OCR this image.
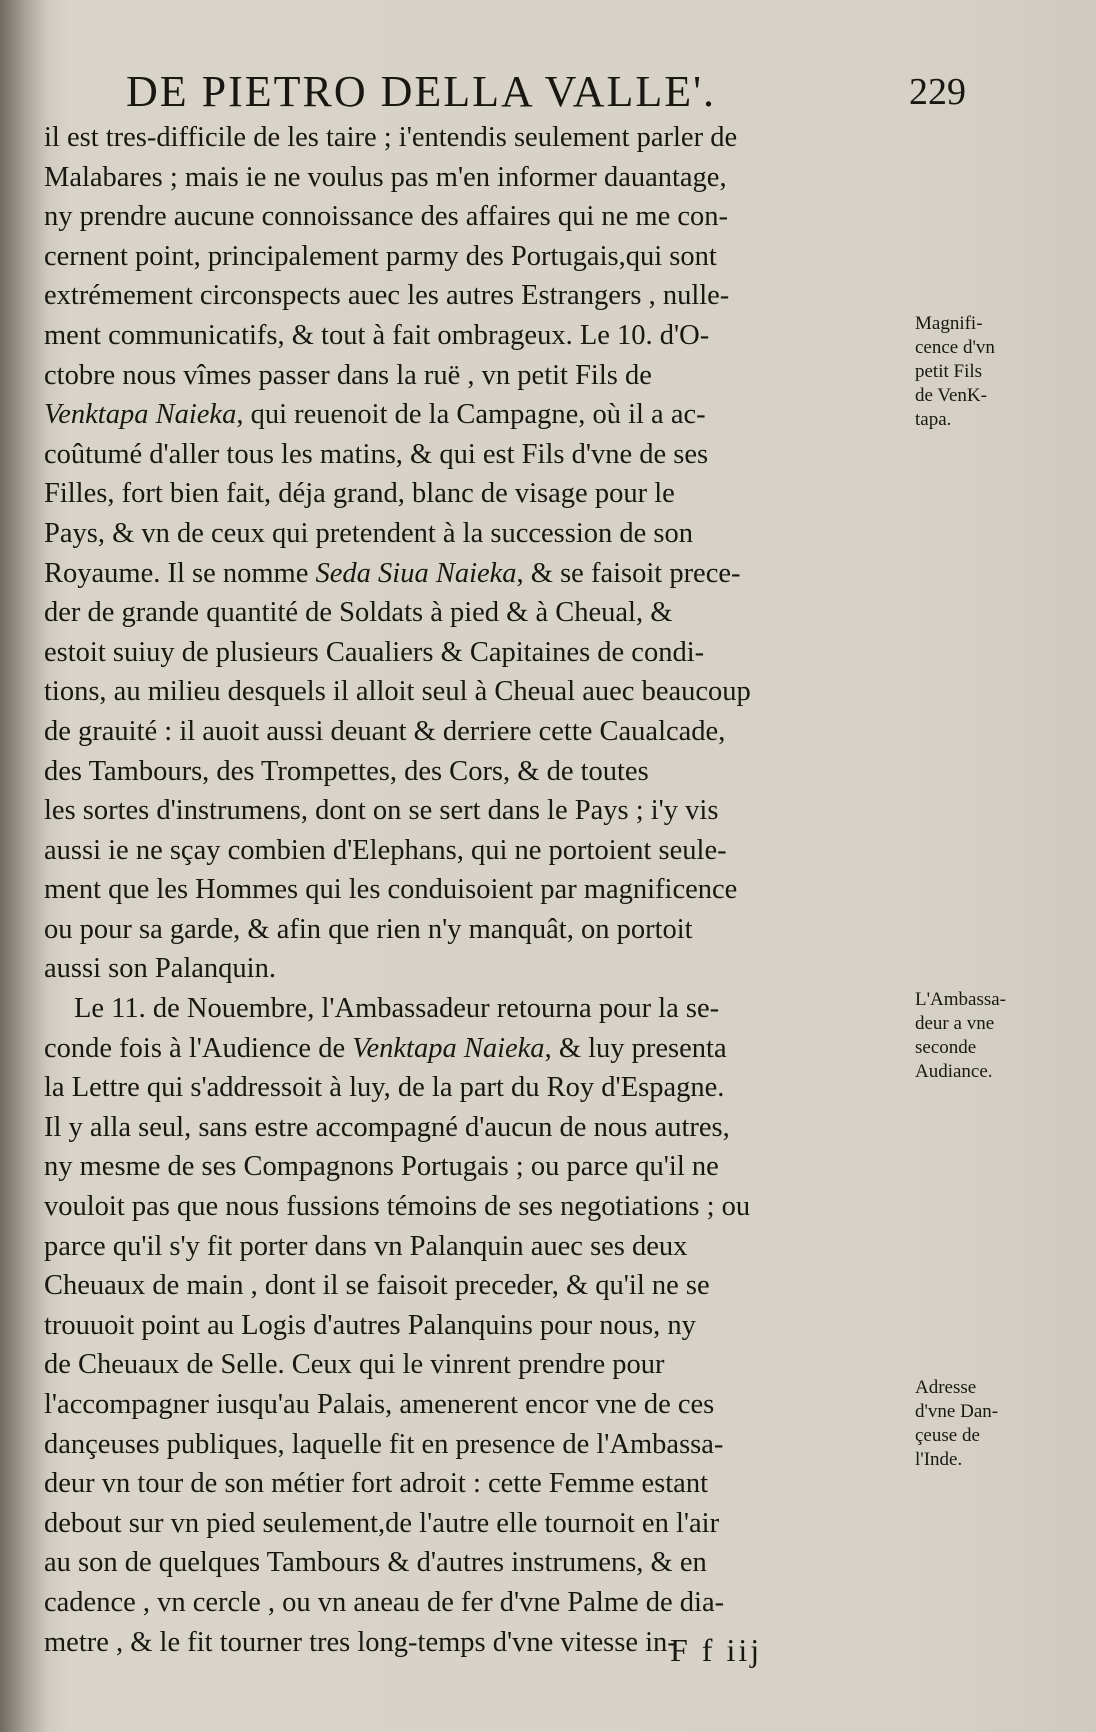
DE PIETRO DELLA VALLE'.	229
il est tres-difficile de les taire ; i'entendis seulement parler de
Malabares ; mais ie ne voulus pas m'en informer dauantage,
ny prendre aucune connoissance des affaires qui ne me con-
cernent point, principalement parmy des Portugais,qui sont
extrémement circonspects auec les autres Estrangers , nulle-
ment communicatifs, & tout à fait ombrageux. Le 10. d'O-
ctobre nous vîmes passer dans la ruë , vn petit Fils de
Venktapa Naieka, qui reuenoit de la Campagne, où il a ac-
coûtumé d'aller tous les matins, & qui est Fils d'vne de ses
Filles, fort bien fait, déja grand, blanc de visage pour le
Pays, & vn de ceux qui pretendent à la succession de son
Royaume. Il se nomme Seda Siua Naieka, & se faisoit prece-
der de grande quantité de Soldats à pied & à Cheual, &
estoit suiuy de plusieurs Caualiers & Capitaines de condi-
tions, au milieu desquels il alloit seul à Cheual auec beaucoup
de grauité : il auoit aussi deuant & derriere cette Caualcade,
des Tambours, des Trompettes, des Cors, & de toutes
les sortes d'instrumens, dont on se sert dans le Pays ; i'y vis
aussi ie ne sçay combien d'Elephans, qui ne portoient seule-
ment que les Hommes qui les conduisoient par magnificence
ou pour sa garde, & afin que rien n'y manquât, on portoit
aussi son Palanquin.
Le 11. de Nouembre, l'Ambassadeur retourna pour la se-
conde fois à l'Audience de Venktapa Naieka, & luy presenta
la Lettre qui s'addressoit à luy, de la part du Roy d'Espagne.
Il y alla seul, sans estre accompagné d'aucun de nous autres,
ny mesme de ses Compagnons Portugais ; ou parce qu'il ne
vouloit pas que nous fussions témoins de ses negotiations ; ou
parce qu'il s'y fit porter dans vn Palanquin auec ses deux
Cheuaux de main , dont il se faisoit preceder, & qu'il ne se
trouuoit point au Logis d'autres Palanquins pour nous, ny
de Cheuaux de Selle. Ceux qui le vinrent prendre pour
l'accompagner iusqu'au Palais, amenerent encor vne de ces
dançeuses publiques, laquelle fit en presence de l'Ambassa-
deur vn tour de son métier fort adroit : cette Femme estant
debout sur vn pied seulement,de l'autre elle tournoit en l'air
au son de quelques Tambours & d'autres instrumens, & en
cadence , vn cercle , ou vn aneau de fer d'vne Palme de dia-
metre , & le fit tourner tres long-temps d'vne vitesse in-
Magnifi-
cence d'vn
petit Fils
de VenK-
tapa.
L'Ambassa-
deur a vne
seconde
Audiance.
Adresse
d'vne Dan-
çeuse de
l'Inde.
F f iij
